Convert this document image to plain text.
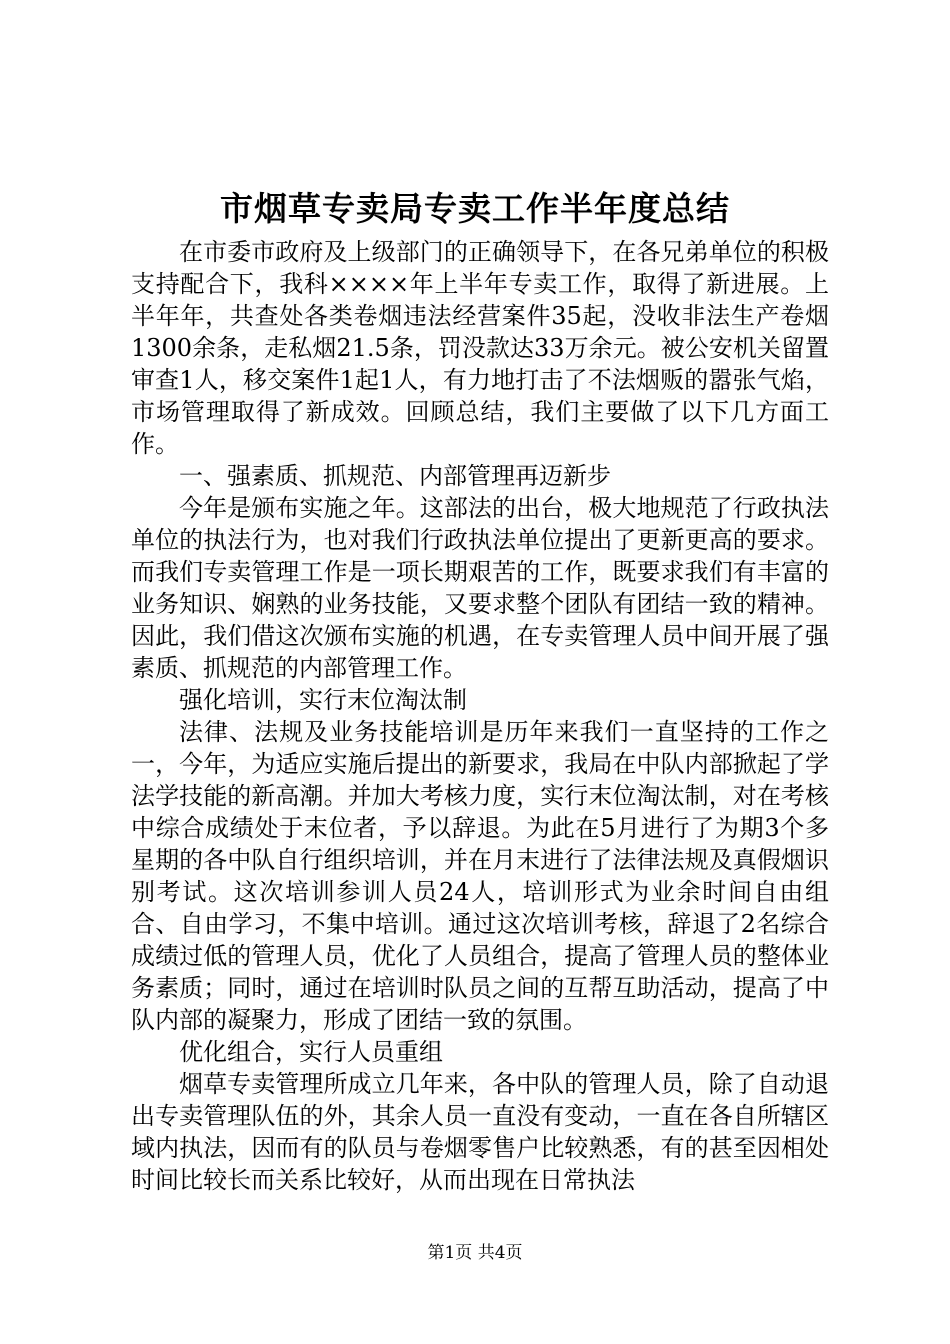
市烟草专卖局专卖工作半年度总结

在市委市政府及上级部门的正确领导下，在各兄弟单位的积极支持配合下，我科××××年上半年专卖工作，取得了新进展。上半年年，共查处各类卷烟违法经营案件35起，没收非法生产卷烟1300余条，走私烟21.5条，罚没款达33万余元。被公安机关留置审查1人，移交案件1起1人，有力地打击了不法烟贩的嚣张气焰，市场管理取得了新成效。回顾总结，我们主要做了以下几方面工作。

一、强素质、抓规范、内部管理再迈新步

今年是颁布实施之年。这部法的出台，极大地规范了行政执法单位的执法行为，也对我们行政执法单位提出了更新更高的要求。而我们专卖管理工作是一项长期艰苦的工作，既要求我们有丰富的业务知识、娴熟的业务技能，又要求整个团队有团结一致的精神。因此，我们借这次颁布实施的机遇，在专卖管理人员中间开展了强素质、抓规范的内部管理工作。

强化培训，实行末位淘汰制

法律、法规及业务技能培训是历年来我们一直坚持的工作之一，今年，为适应实施后提出的新要求，我局在中队内部掀起了学法学技能的新高潮。并加大考核力度，实行末位淘汰制，对在考核中综合成绩处于末位者，予以辞退。为此在5月进行了为期3个多星期的各中队自行组织培训，并在月末进行了法律法规及真假烟识别考试。这次培训参训人员24人，培训形式为业余时间自由组合、自由学习，不集中培训。通过这次培训考核，辞退了2名综合成绩过低的管理人员，优化了人员组合，提高了管理人员的整体业务素质；同时，通过在培训时队员之间的互帮互助活动，提高了中队内部的凝聚力，形成了团结一致的氛围。

优化组合，实行人员重组

烟草专卖管理所成立几年来，各中队的管理人员，除了自动退出专卖管理队伍的外，其余人员一直没有变动，一直在各自所辖区域内执法，因而有的队员与卷烟零售户比较熟悉，有的甚至因相处时间比较长而关系比较好，从而出现在日常执法

第1页 共4页
